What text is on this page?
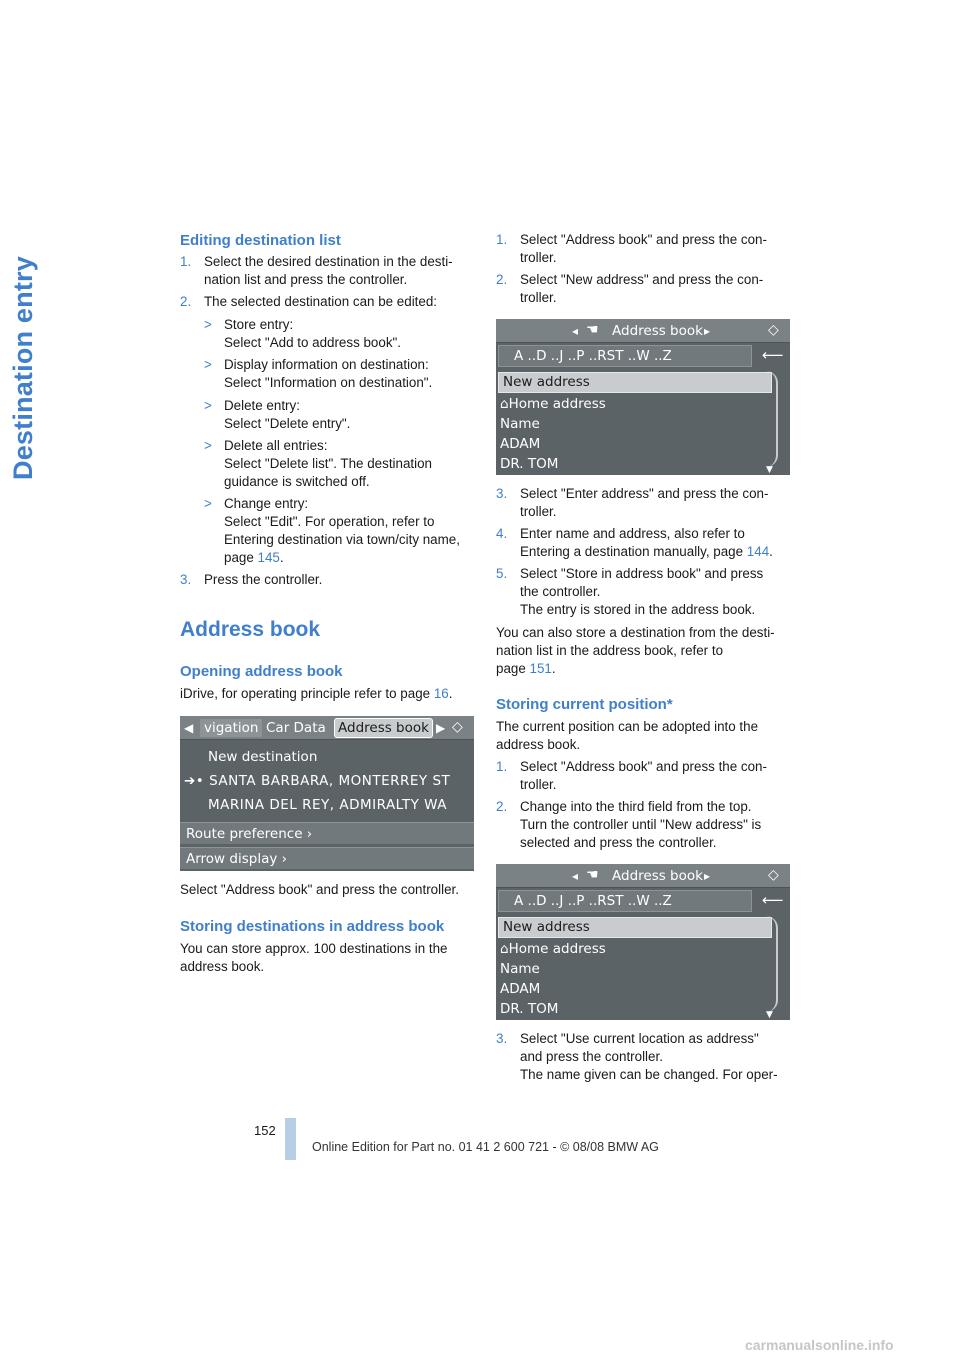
Destination entry
Editing destination list
1. Select the desired destination in the desti-
nation list and press the controller.
2. The selected destination can be edited:
> Store entry:
Select "Add to address book".
> Display information on destination:
Select "Information on destination".
> Delete entry:
Select "Delete entry".
> Delete all entries:
Select "Delete list". The destination
guidance is switched off.
> Change entry:
Select "Edit". For operation, refer to
Entering destination via town/city name,
page 145.
3. Press the controller.
Address book
Opening address book
iDrive, for operating principle refer to page 16.
◀ vigation Car Data Address book ▶ ◇
New destination
➔• SANTA BARBARA, MONTERREY ST
MARINA DEL REY, ADMIRALTY WA
Route preference ›
Arrow display ›
Select "Address book" and press the controller.
Storing destinations in address book
You can store approx. 100 destinations in the
address book.
1. Select "Address book" and press the con-
troller.
2. Select "New address" and press the con-
troller.
◂ ☚ Address book ▸	◇
A ..D ..J ..P ..RST ..W ..Z	⟵
New address
⌂Home address
Name
ADAM
DR. TOM	▼
3. Select "Enter address" and press the con-
troller.
4. Enter name and address, also refer to
Entering a destination manually, page 144.
5. Select "Store in address book" and press
the controller.
The entry is stored in the address book.
You can also store a destination from the desti-
nation list in the address book, refer to
page 151.
Storing current position*
The current position can be adopted into the
address book.
1. Select "Address book" and press the con-
troller.
2. Change into the third field from the top.
Turn the controller until "New address" is
selected and press the controller.
◂ ☚ Address book ▸	◇
A ..D ..J ..P ..RST ..W ..Z	⟵
New address
⌂Home address
Name
ADAM
DR. TOM	▼
3. Select "Use current location as address"
and press the controller.
The name given can be changed. For oper-
152
Online Edition for Part no. 01 41 2 600 721 - © 08/08 BMW AG
carmanualsonline.info
